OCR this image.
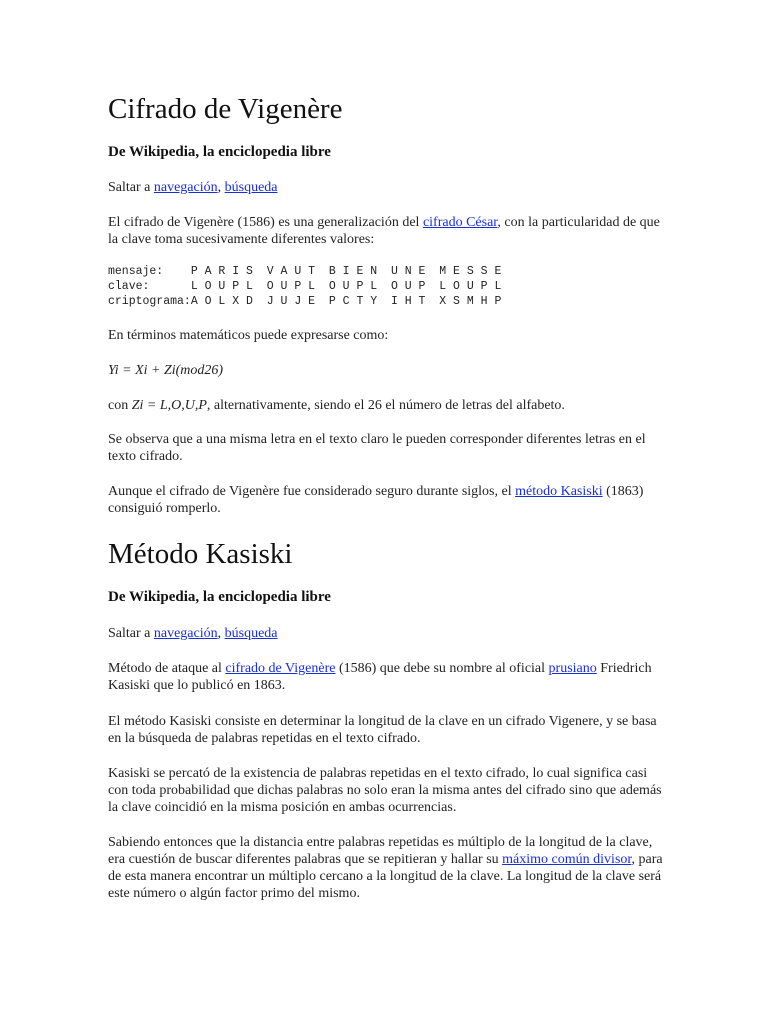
Cifrado de Vigenère

De Wikipedia, la enciclopedia libre

Saltar a navegación, búsqueda

El cifrado de Vigenère (1586) es una generalización del cifrado César, con la particularidad de que la clave toma sucesivamente diferentes valores:

mensaje:    P A R I S  V A U T  B I E N  U N E  M E S S E

clave:      L O U P L  O U P L  O U P L  O U P  L O U P L

criptograma:A O L X D  J U J E  P C T Y  I H T  X S M H P

En términos matemáticos puede expresarse como:

Yi = Xi + Zi(mod26)

con Zi = L,O,U,P, alternativamente, siendo el 26 el número de letras del alfabeto.

Se observa que a una misma letra en el texto claro le pueden corresponder diferentes letras en el texto cifrado.

Aunque el cifrado de Vigenère fue considerado seguro durante siglos, el método Kasiski (1863) consiguió romperlo.

Método Kasiski

De Wikipedia, la enciclopedia libre

Saltar a navegación, búsqueda

Método de ataque al cifrado de Vigenère (1586) que debe su nombre al oficial prusiano Friedrich Kasiski que lo publicó en 1863.

El método Kasiski consiste en determinar la longitud de la clave en un cifrado Vigenere, y se basa en la búsqueda de palabras repetidas en el texto cifrado.

Kasiski se percató de la existencia de palabras repetidas en el texto cifrado, lo cual significa casi con toda probabilidad que dichas palabras no solo eran la misma antes del cifrado sino que además la clave coincidió en la misma posición en ambas ocurrencias.

Sabiendo entonces que la distancia entre palabras repetidas es múltiplo de la longitud de la clave, era cuestión de buscar diferentes palabras que se repitieran y hallar su máximo común divisor, para de esta manera encontrar un múltiplo cercano a la longitud de la clave. La longitud de la clave será este número o algún factor primo del mismo.
